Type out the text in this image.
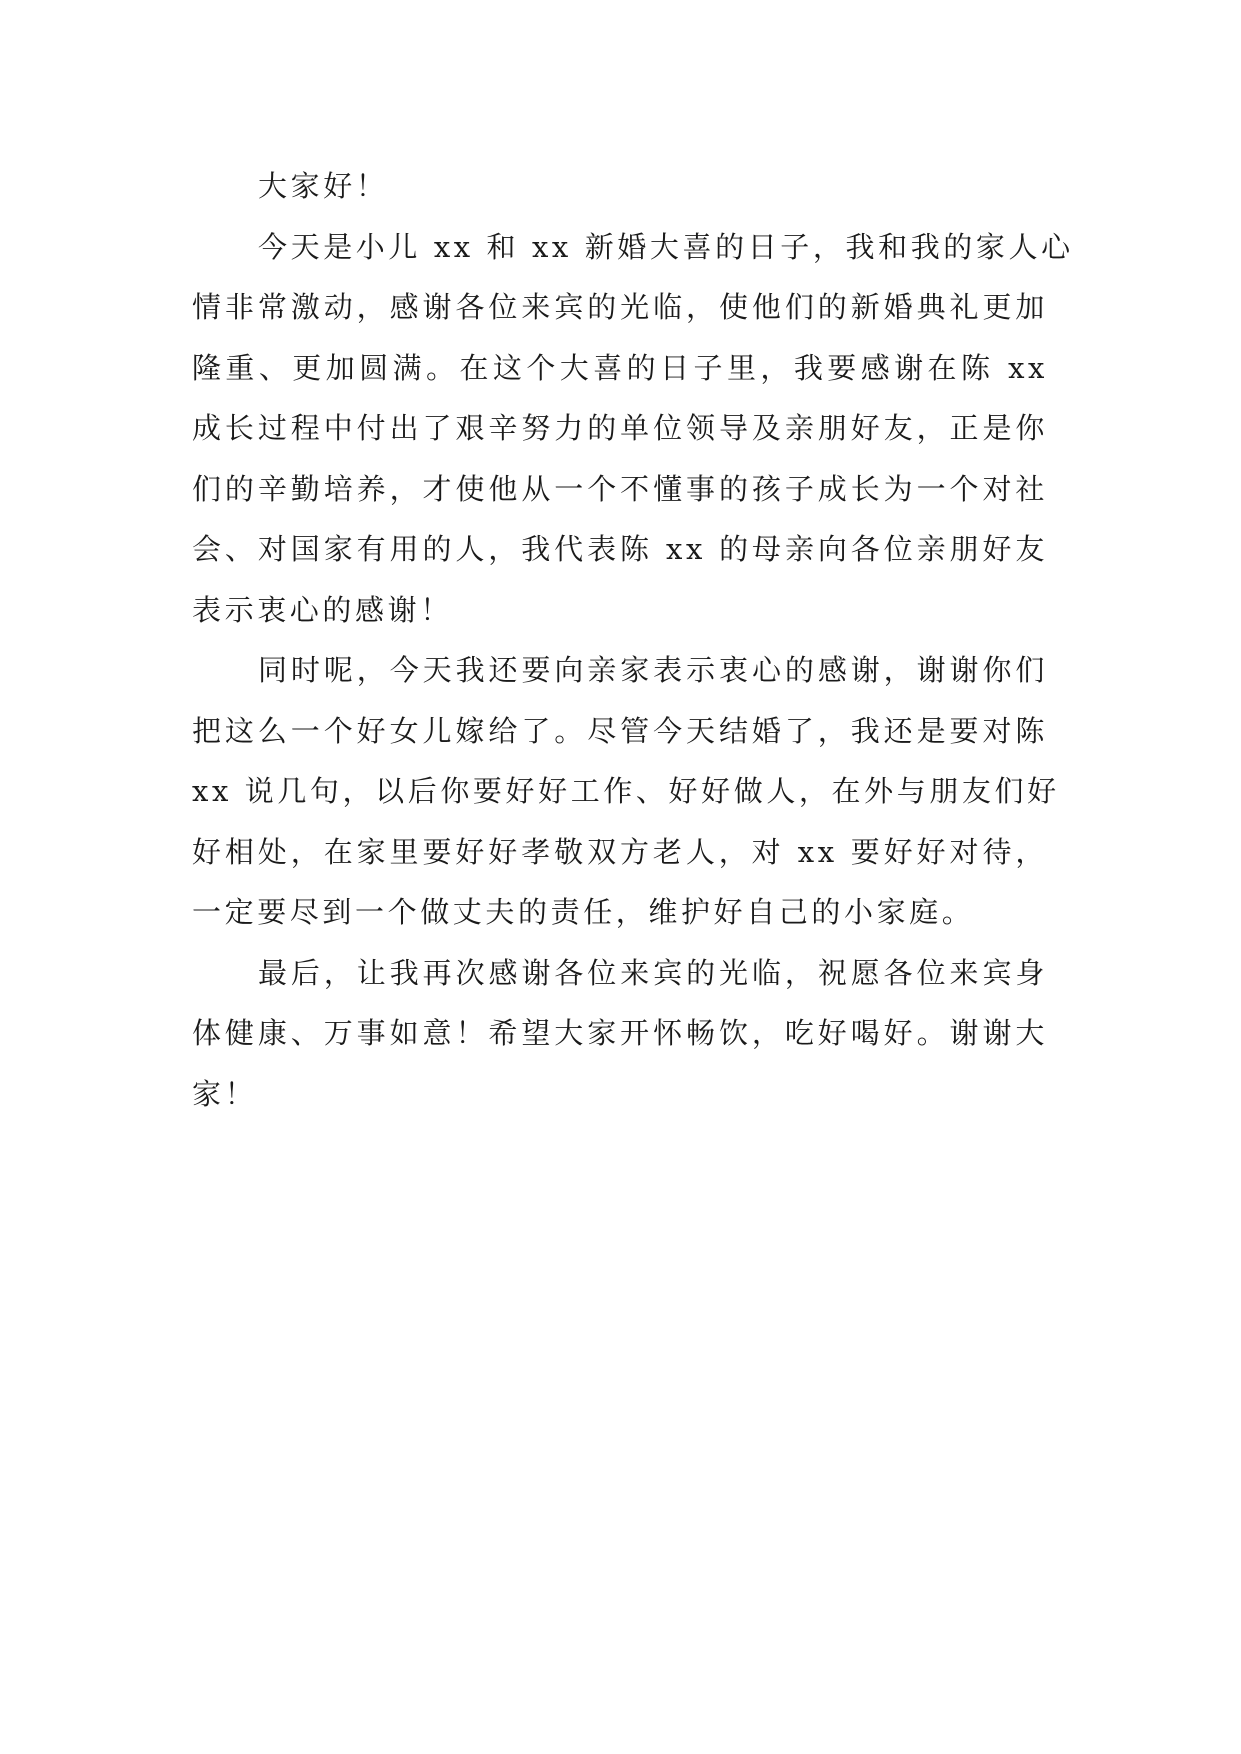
大家好！
今天是小儿 xx 和 xx 新婚大喜的日子，我和我的家人心
情非常激动，感谢各位来宾的光临，使他们的新婚典礼更加
隆重、更加圆满。在这个大喜的日子里，我要感谢在陈 xx
成长过程中付出了艰辛努力的单位领导及亲朋好友，正是你
们的辛勤培养，才使他从一个不懂事的孩子成长为一个对社
会、对国家有用的人，我代表陈 xx 的母亲向各位亲朋好友
表示衷心的感谢！
同时呢，今天我还要向亲家表示衷心的感谢，谢谢你们
把这么一个好女儿嫁给了。尽管今天结婚了，我还是要对陈
xx 说几句，以后你要好好工作、好好做人，在外与朋友们好
好相处，在家里要好好孝敬双方老人，对 xx 要好好对待，
一定要尽到一个做丈夫的责任，维护好自己的小家庭。
最后，让我再次感谢各位来宾的光临，祝愿各位来宾身
体健康、万事如意！希望大家开怀畅饮，吃好喝好。谢谢大
家！
